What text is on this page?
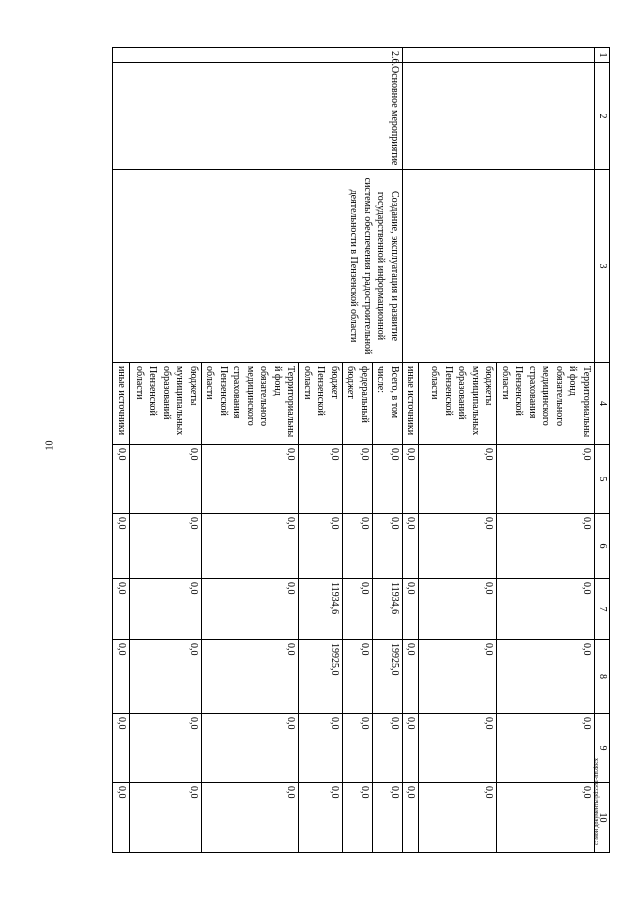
10
1	2	3	4	5	6	7	8	9	10
			Территориальный фонд обязательного медицинского страхования Пензенской области	0,0	0,0	0,0	0,0	0,0	0,0
			бюджеты муниципальных образований Пензенской области	0,0	0,0	0,0	0,0	0,0	0,0
			иные источники	0,0	0,0	0,0	0,0	0,0	0,0
2.6.	Основное мероприятие	Создание, эксплуатация и развитие государственной информационной системы обеспечения градостроительной деятельности в Пензенской области	Всего, в том числе:	0,0	0,0	11934,6	19925,0	0,0	0,0
			федеральный бюджет	0,0	0,0	0,0	0,0	0,0	0,0
			бюджет Пензенской области	0,0	0,0	11934,6	19925,0	0,0	0,0
			Территориальный фонд обязательного медицинского страхования Пензенской области	0,0	0,0	0,0	0,0	0,0	0,0
			бюджеты муниципальных образований Пензенской области	0,0	0,0	0,0	0,0	0,0	0,0
			иные источники	0,0	0,0	0,0	0,0	0,0	0,0	c:\мои документы\pd5581-пп.docx
